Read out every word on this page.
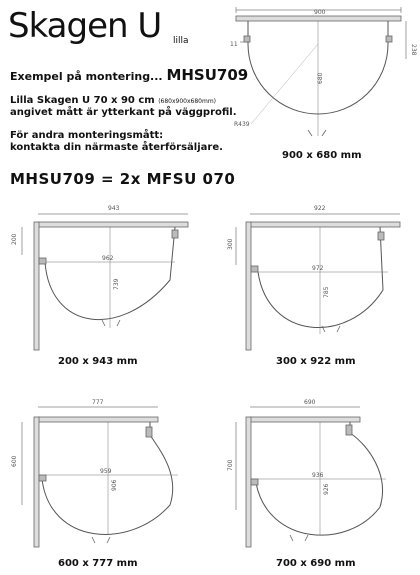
Skagen U lilla
Exempel på montering... MHSU709
Lilla Skagen U 70 x 90 cm (680x900x680mm)
angivet mått är ytterkant på väggprofil.
För andra monteringsmått:
kontakta din närmaste återförsäljare.
MHSU709 = 2x MFSU 070
900
11	238
680
R439
900 x 680 mm
943
200
962
739
200 x 943 mm
922
300
972
785
300 x 922 mm
777
600
959
906
600 x 777 mm
690
700
936
926
700 x 690 mm
